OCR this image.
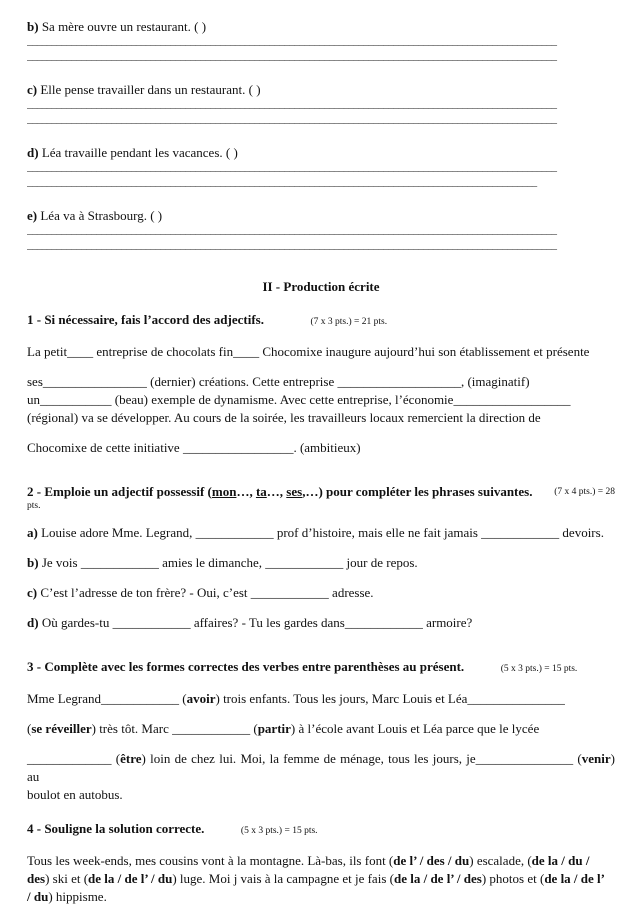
b) Sa mère ouvre un restaurant. ( )
___________________________________________________________________________________________________________
___________________________________________________________________________________________________________
c) Elle pense travailler dans un restaurant. ( )
___________________________________________________________________________________________________________
___________________________________________________________________________________________________________
d) Léa travaille pendant les vacances. ( )
___________________________________________________________________________________________________________
_______________________________________________________________________________________________________
e) Léa va à Strasbourg. ( )
___________________________________________________________________________________________________________
___________________________________________________________________________________________________________
II - Production écrite
1 - Si nécessaire, fais l’accord des adjectifs.	(7 x 3 pts.) = 21 pts.

La petit____ entreprise de chocolats fin____ Chocomixe inaugure aujourd’hui son établissement et présente

ses________________ (dernier) créations. Cette entreprise ___________________, (imaginatif)

un___________ (beau) exemple de dynamisme. Avec cette entreprise, l’économie__________________

(régional) va se développer. Au cours de la soirée, les travailleurs locaux remercient la direction de

Chocomixe de cette initiative _________________. (ambitieux)

2 - Emploie un adjectif possessif (mon…, ta…, ses,…) pour compléter les phrases suivantes. (7 x 4 pts.) = 28
pts.

a) Louise adore Mme. Legrand, ____________ prof d’histoire, mais elle ne fait jamais ____________ devoirs.

b) Je vois ____________ amies le dimanche, ____________ jour de repos.

c) C’est l’adresse de ton frère? - Oui, c’est ____________ adresse.

d) Où gardes-tu ____________ affaires? - Tu les gardes dans____________ armoire?

3 - Complète avec les formes correctes des verbes entre parenthèses au présent.	(5 x 3 pts.) = 15 pts.

Mme Legrand____________ (avoir) trois enfants. Tous les jours, Marc Louis et Léa_______________

(se réveiller) très tôt. Marc ____________ (partir) à l’école avant Louis et Léa parce que le lycée

_____________ (être) loin de chez lui. Moi, la femme de ménage, tous les jours, je_______________ (venir) au

boulot en autobus.

4 - Souligne la solution correcte.	(5 x 3 pts.) = 15 pts.

Tous les week-ends, mes cousins vont à la montagne. Là-bas, ils font (de l’ / des / du) escalade, (de la / du /

des) ski et (de la / de l’ / du) luge. Moi j vais à la campagne et je fais (de la / de l’ / des) photos et (de la / de l’

/ du) hippisme.
